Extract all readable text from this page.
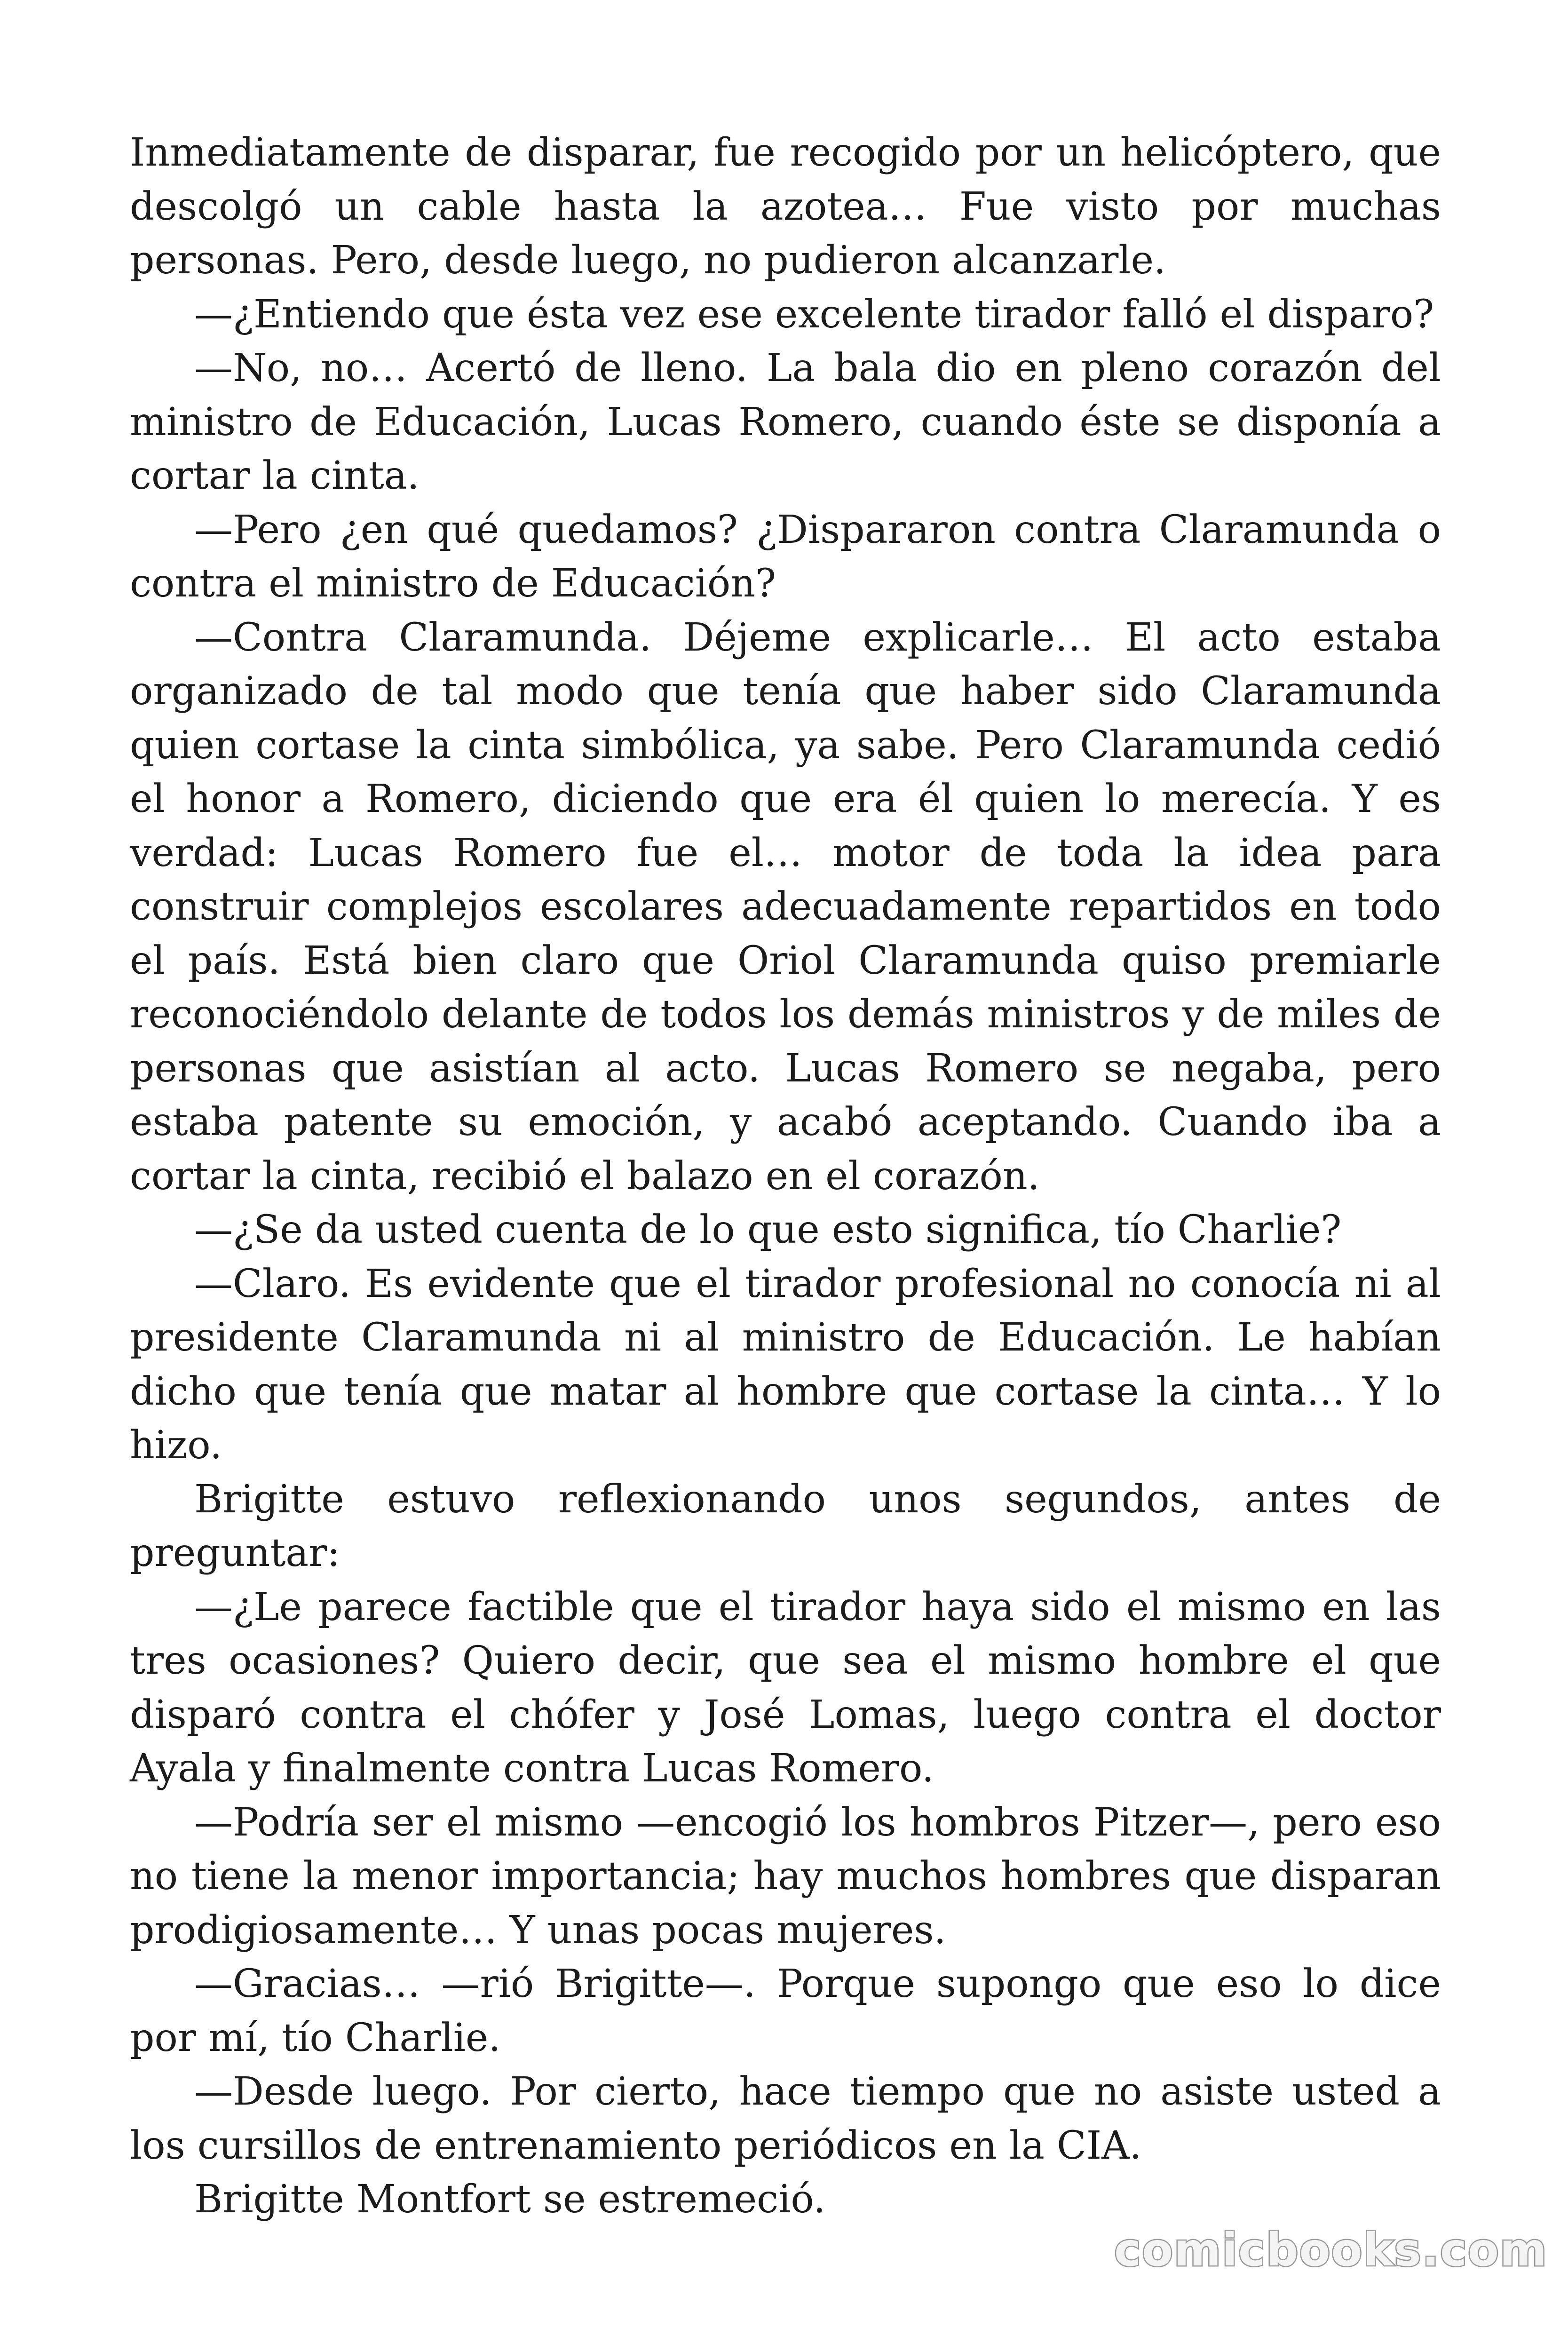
Inmediatamente de disparar, fue recogido por un helicóptero, que descolgó un cable hasta la azotea… Fue visto por muchas personas. Pero, desde luego, no pudieron alcanzarle.

—¿Entiendo que ésta vez ese excelente tirador falló el disparo?

—No, no… Acertó de lleno. La bala dio en pleno corazón del ministro de Educación, Lucas Romero, cuando éste se disponía a cortar la cinta.

—Pero ¿en qué quedamos? ¿Dispararon contra Claramunda o contra el ministro de Educación?

—Contra Claramunda. Déjeme explicarle… El acto estaba organizado de tal modo que tenía que haber sido Claramunda quien cortase la cinta simbólica, ya sabe. Pero Claramunda cedió el honor a Romero, diciendo que era él quien lo merecía. Y es verdad: Lucas Romero fue el… motor de toda la idea para construir complejos escolares adecuadamente repartidos en todo el país. Está bien claro que Oriol Claramunda quiso premiarle reconociéndolo delante de todos los demás ministros y de miles de personas que asistían al acto. Lucas Romero se negaba, pero estaba patente su emoción, y acabó aceptando. Cuando iba a cortar la cinta, recibió el balazo en el corazón.

—¿Se da usted cuenta de lo que esto significa, tío Charlie?

—Claro. Es evidente que el tirador profesional no conocía ni al presidente Claramunda ni al ministro de Educación. Le habían dicho que tenía que matar al hombre que cortase la cinta… Y lo hizo.

Brigitte estuvo reflexionando unos segundos, antes de preguntar:

—¿Le parece factible que el tirador haya sido el mismo en las tres ocasiones? Quiero decir, que sea el mismo hombre el que disparó contra el chófer y José Lomas, luego contra el doctor Ayala y finalmente contra Lucas Romero.

—Podría ser el mismo —encogió los hombros Pitzer—, pero eso no tiene la menor importancia; hay muchos hombres que disparan prodigiosamente… Y unas pocas mujeres.

—Gracias… —rió Brigitte—. Porque supongo que eso lo dice por mí, tío Charlie.

—Desde luego. Por cierto, hace tiempo que no asiste usted a los cursillos de entrenamiento periódicos en la CIA.

Brigitte Montfort se estremeció.

comicbooks.com
